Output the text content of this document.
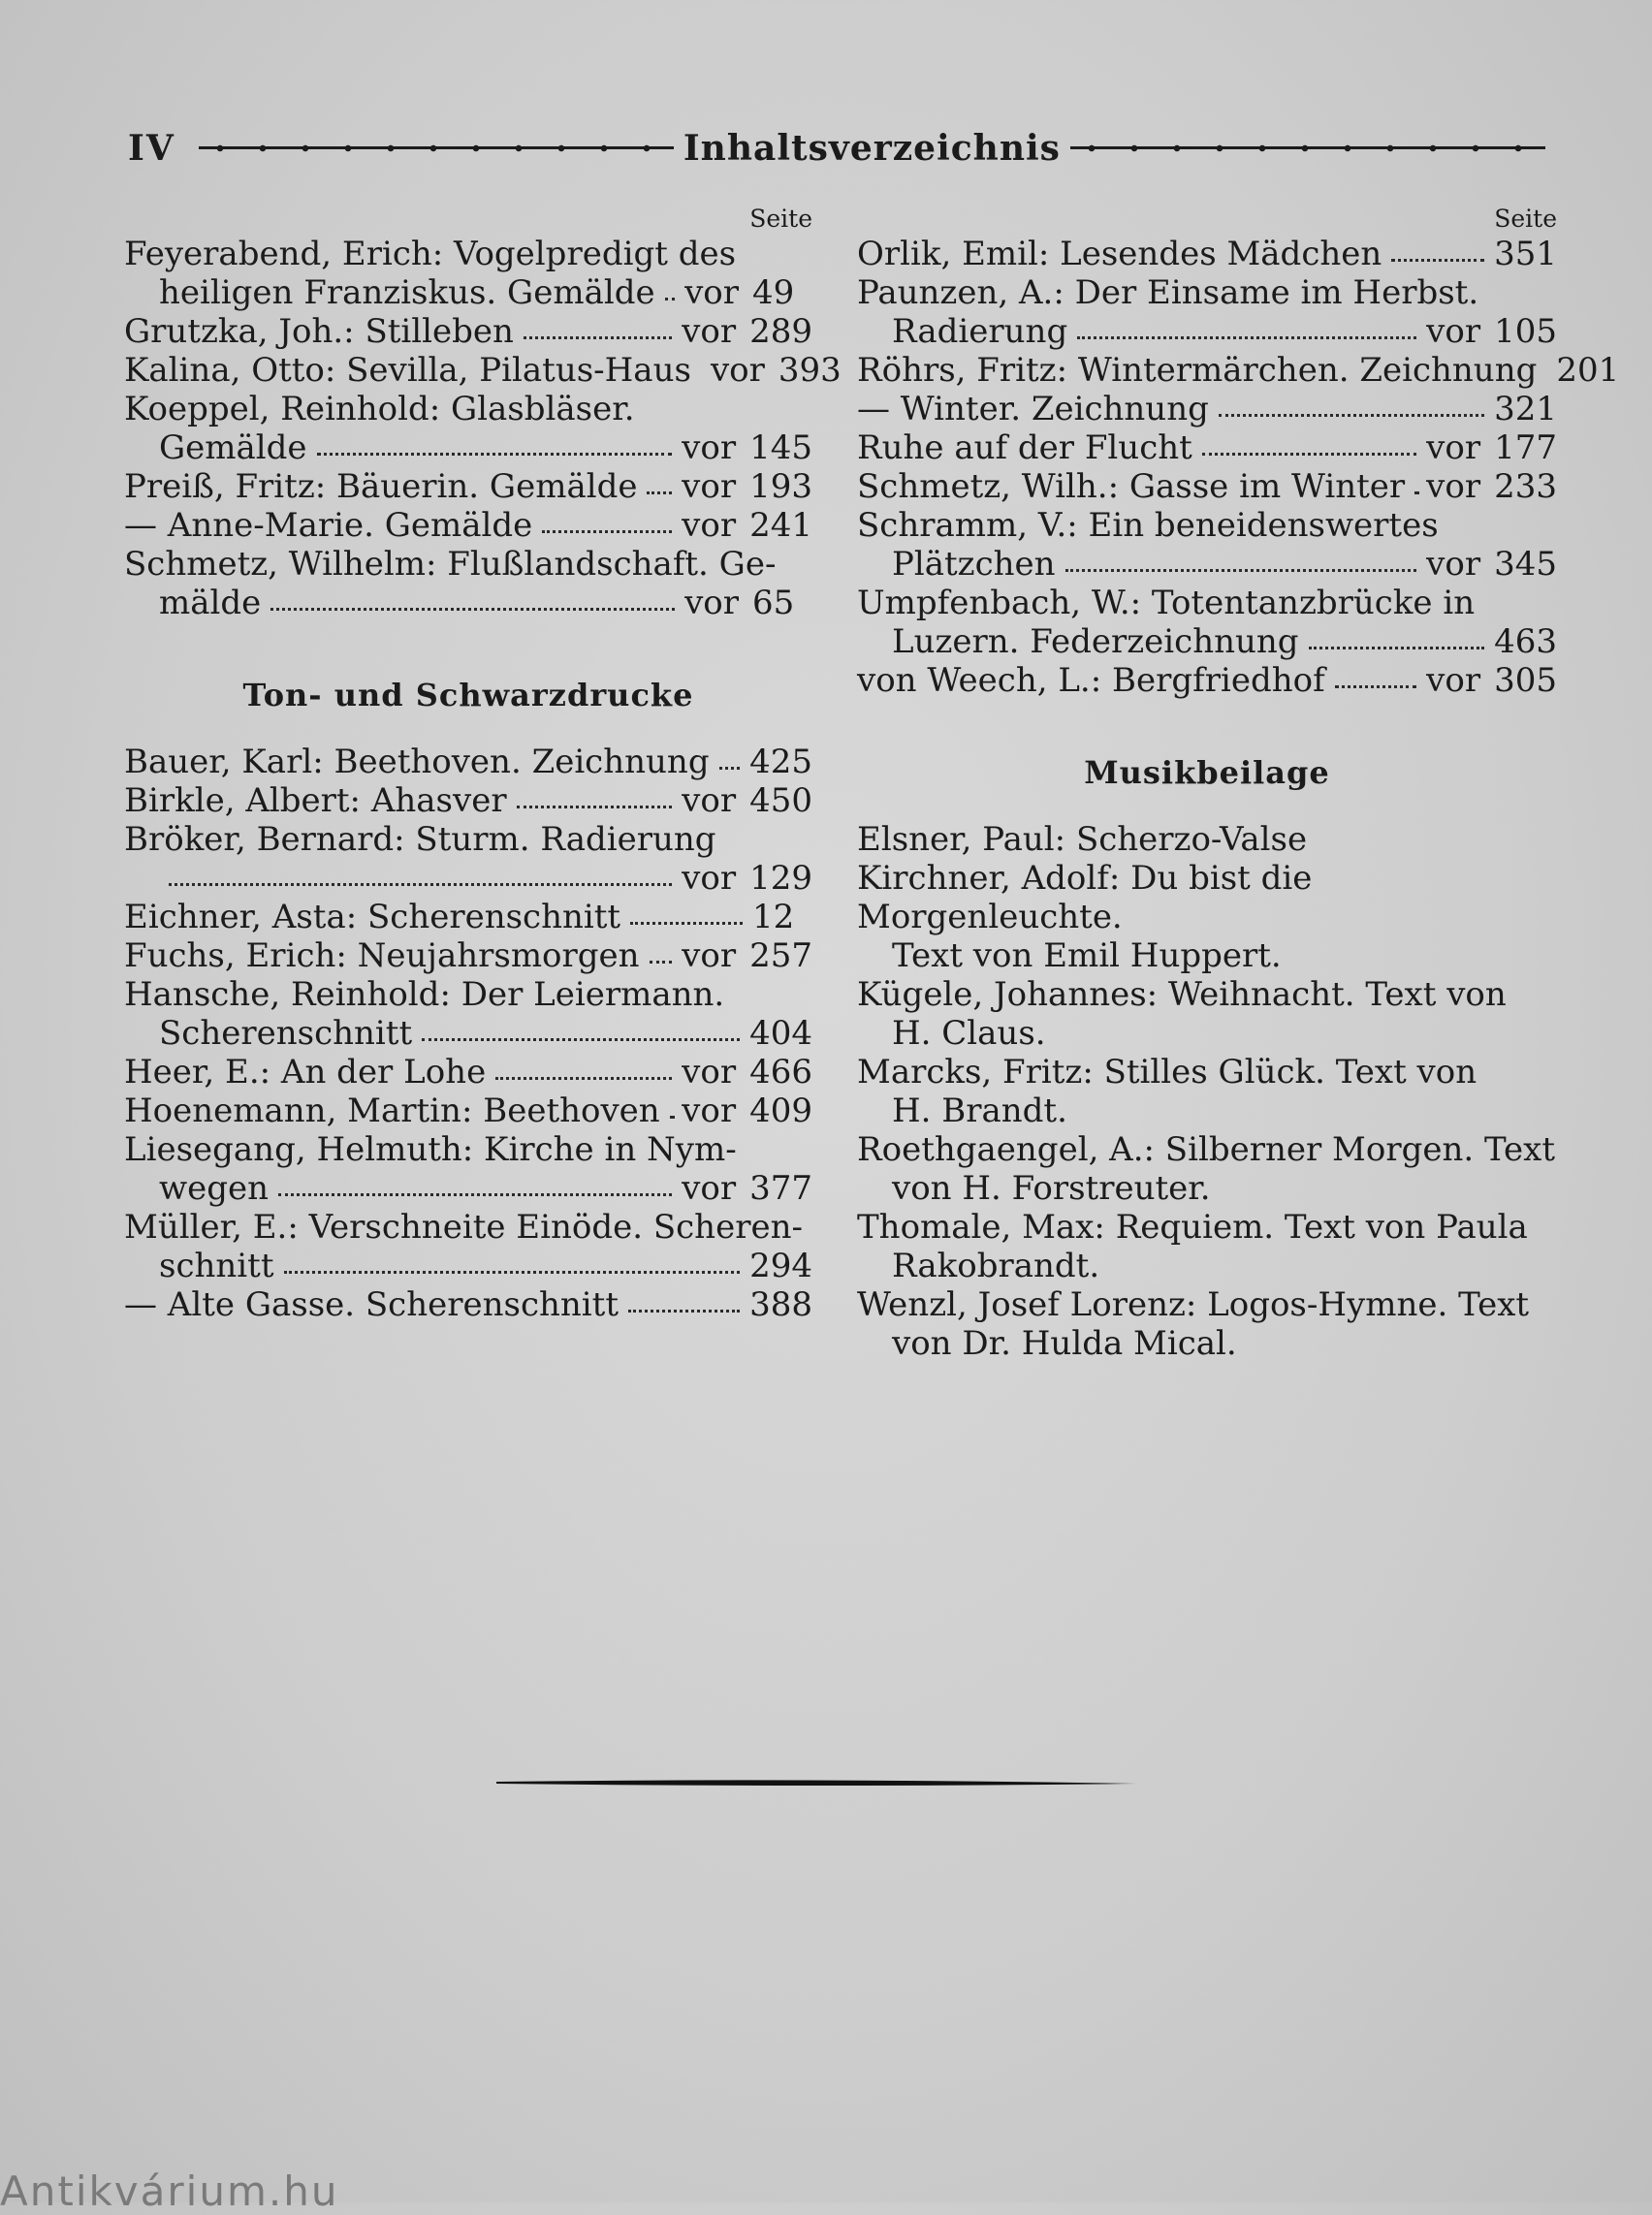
IV	Inhaltsverzeichnis
Seite
Feyerabend, Erich: Vogelpredigt des
heiligen Franziskus. Gemälde vor 49
Grutzka, Joh.: Stilleben	vor 289
Kalina, Otto: Sevilla, Pilatus-Haus vor 393
Koeppel, Reinhold: Glasbläser.
Gemälde	vor 145
Preiß, Fritz: Bäuerin. Gemälde vor 193
— Anne-Marie. Gemälde	vor 241
Schmetz, Wilhelm: Flußlandschaft. Ge-
mälde	vor 65
Ton- und Schwarzdrucke
Bauer, Karl: Beethoven. Zeichnung 425
Birkle, Albert: Ahasver	vor 450
Bröker, Bernard: Sturm. Radierung
vor 129
Eichner, Asta: Scherenschnitt	12
Fuchs, Erich: Neujahrsmorgen vor 257
Hansche, Reinhold: Der Leiermann.
Scherenschnitt	404
Heer, E.: An der Lohe	vor 466
Hoenemann, Martin: Beethoven vor 409
Liesegang, Helmuth: Kirche in Nym-
wegen	vor 377
Müller, E.: Verschneite Einöde. Scheren-
schnitt	294
— Alte Gasse. Scherenschnitt	388
Seite
Orlik, Emil: Lesendes Mädchen	351
Paunzen, A.: Der Einsame im Herbst.
Radierung	vor 105
Röhrs, Fritz: Wintermärchen. Zeichnung 201
— Winter. Zeichnung	321
Ruhe auf der Flucht	vor 177
Schmetz, Wilh.: Gasse im Winter vor 233
Schramm, V.: Ein beneidenswertes
Plätzchen	vor 345
Umpfenbach, W.: Totentanzbrücke in
Luzern. Federzeichnung	463
von Weech, L.: Bergfriedhof	vor 305
Musikbeilage
Elsner, Paul: Scherzo-Valse
Kirchner, Adolf: Du bist die Morgenleuchte.
Text von Emil Huppert.
Kügele, Johannes: Weihnacht. Text von
H. Claus.
Marcks, Fritz: Stilles Glück. Text von
H. Brandt.
Roethgaengel, A.: Silberner Morgen. Text
von H. Forstreuter.
Thomale, Max: Requiem. Text von Paula
Rakobrandt.
Wenzl, Josef Lorenz: Logos-Hymne. Text
von Dr. Hulda Mical.
Antikvárium.hu
